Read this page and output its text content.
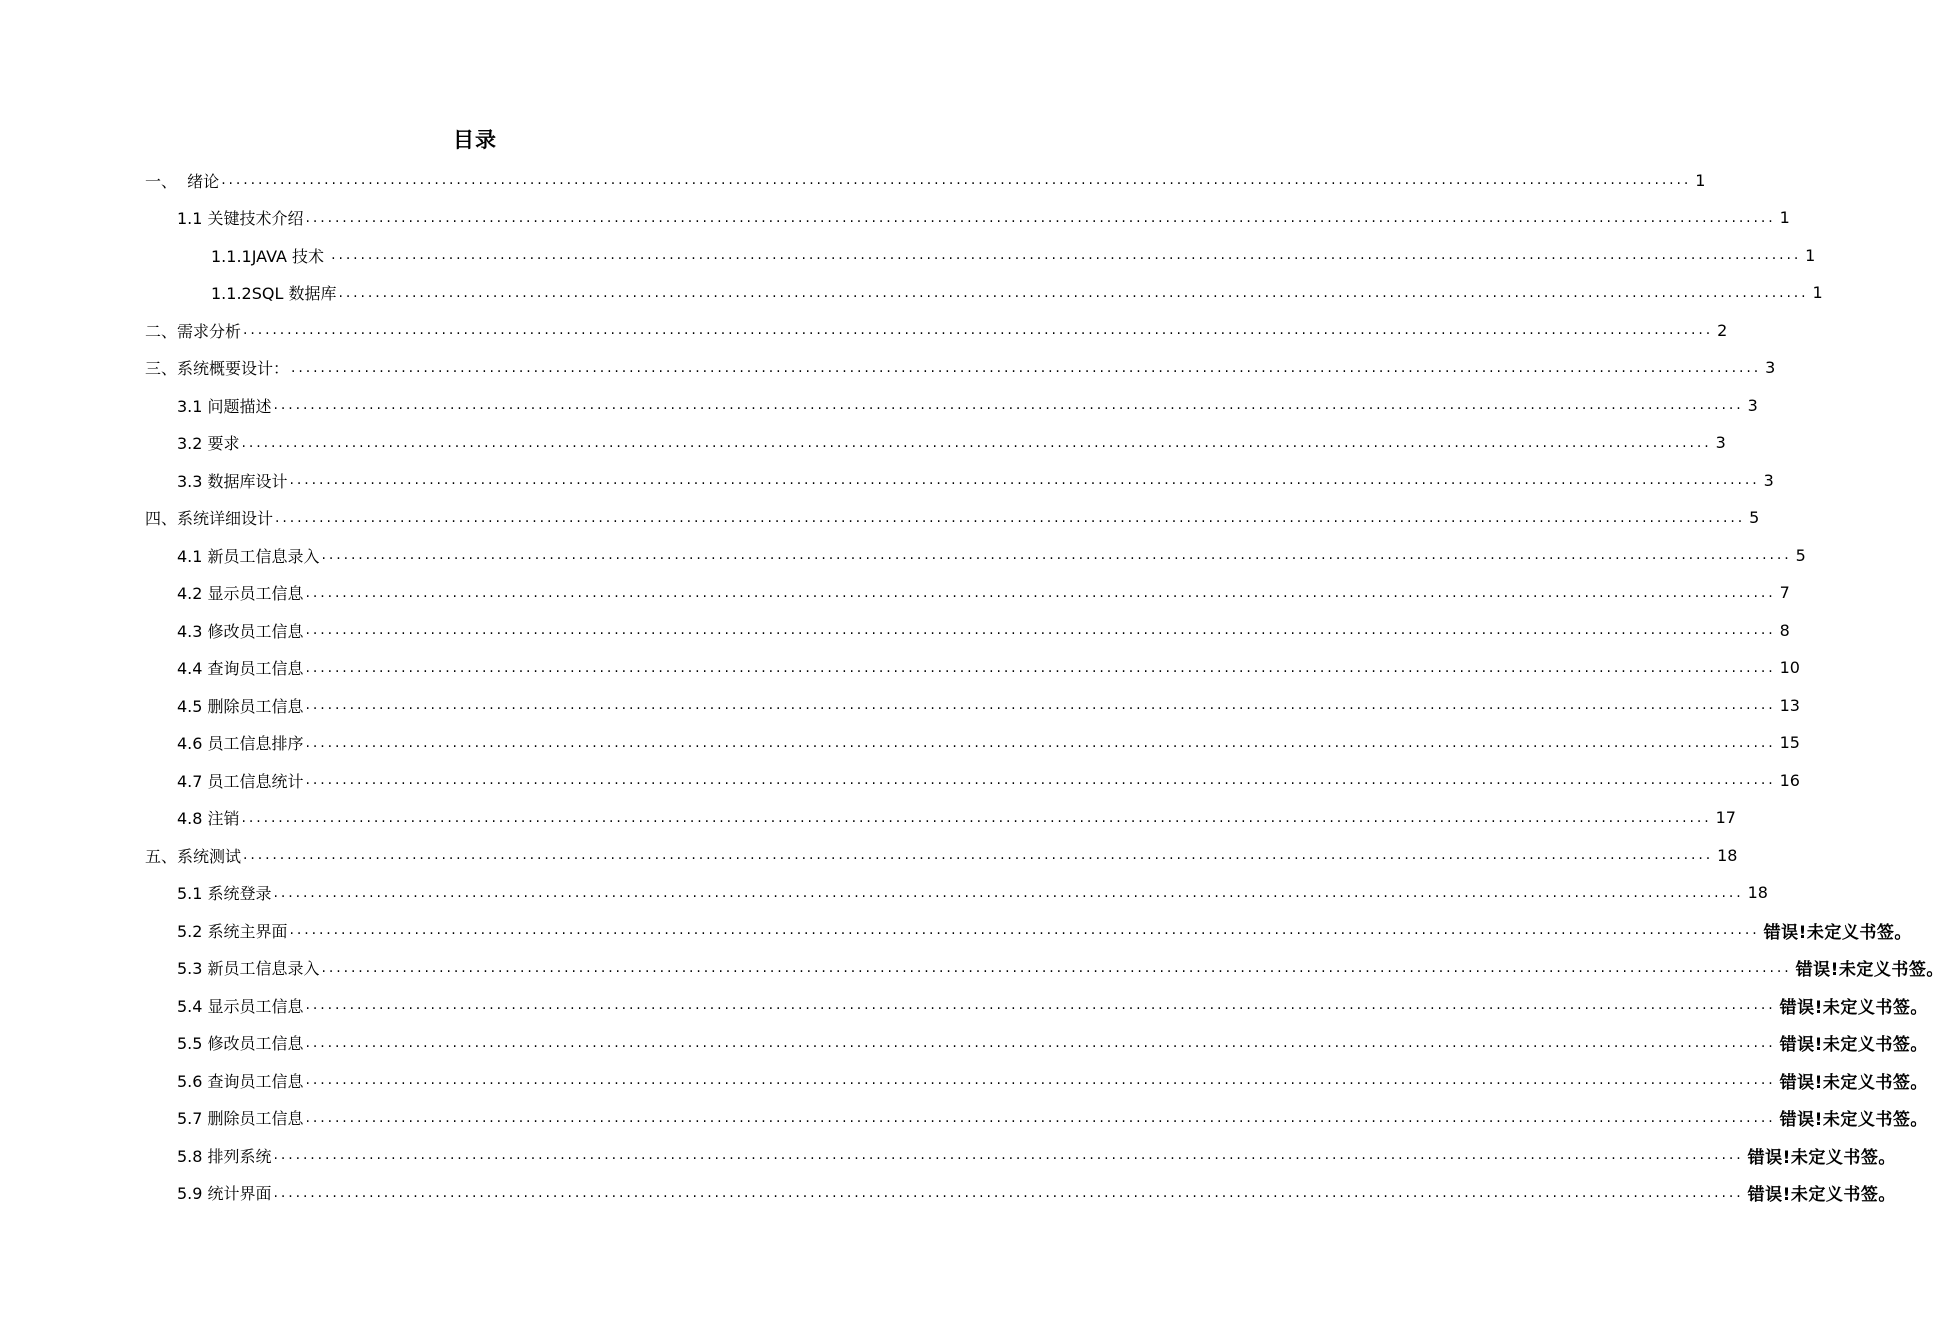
目录
一、  绪论 ........................................................................................................................................................................................................ 1
1.1 关键技术介绍 ........................................................................................................................................................................................................ 1
1.1.1JAVA 技术 ........................................................................................................................................................................................................ 1
1.1.2SQL 数据库 ........................................................................................................................................................................................................ 1
二、需求分析 ........................................................................................................................................................................................................ 2
三、系统概要设计： ........................................................................................................................................................................................................ 3
3.1 问题描述 ........................................................................................................................................................................................................ 3
3.2 要求 ........................................................................................................................................................................................................ 3
3.3 数据库设计 ........................................................................................................................................................................................................ 3
四、系统详细设计 ........................................................................................................................................................................................................ 5
4.1 新员工信息录入 ........................................................................................................................................................................................................ 5
4.2 显示员工信息 ........................................................................................................................................................................................................ 7
4.3 修改员工信息 ........................................................................................................................................................................................................ 8
4.4 查询员工信息 ........................................................................................................................................................................................................ 10
4.5 删除员工信息 ........................................................................................................................................................................................................ 13
4.6 员工信息排序 ........................................................................................................................................................................................................ 15
4.7 员工信息统计 ........................................................................................................................................................................................................ 16
4.8 注销 ........................................................................................................................................................................................................ 17
五、系统测试 ........................................................................................................................................................................................................ 18
5.1 系统登录 ........................................................................................................................................................................................................ 18
5.2 系统主界面 ........................................................................................................................................................................................................ 错误!未定义书签。
5.3 新员工信息录入 ........................................................................................................................................................................................................ 错误!未定义书签。
5.4 显示员工信息 ........................................................................................................................................................................................................ 错误!未定义书签。
5.5 修改员工信息 ........................................................................................................................................................................................................ 错误!未定义书签。
5.6 查询员工信息 ........................................................................................................................................................................................................ 错误!未定义书签。
5.7 删除员工信息 ........................................................................................................................................................................................................ 错误!未定义书签。
5.8 排列系统 ........................................................................................................................................................................................................ 错误!未定义书签。
5.9 统计界面 ........................................................................................................................................................................................................ 错误!未定义书签。
